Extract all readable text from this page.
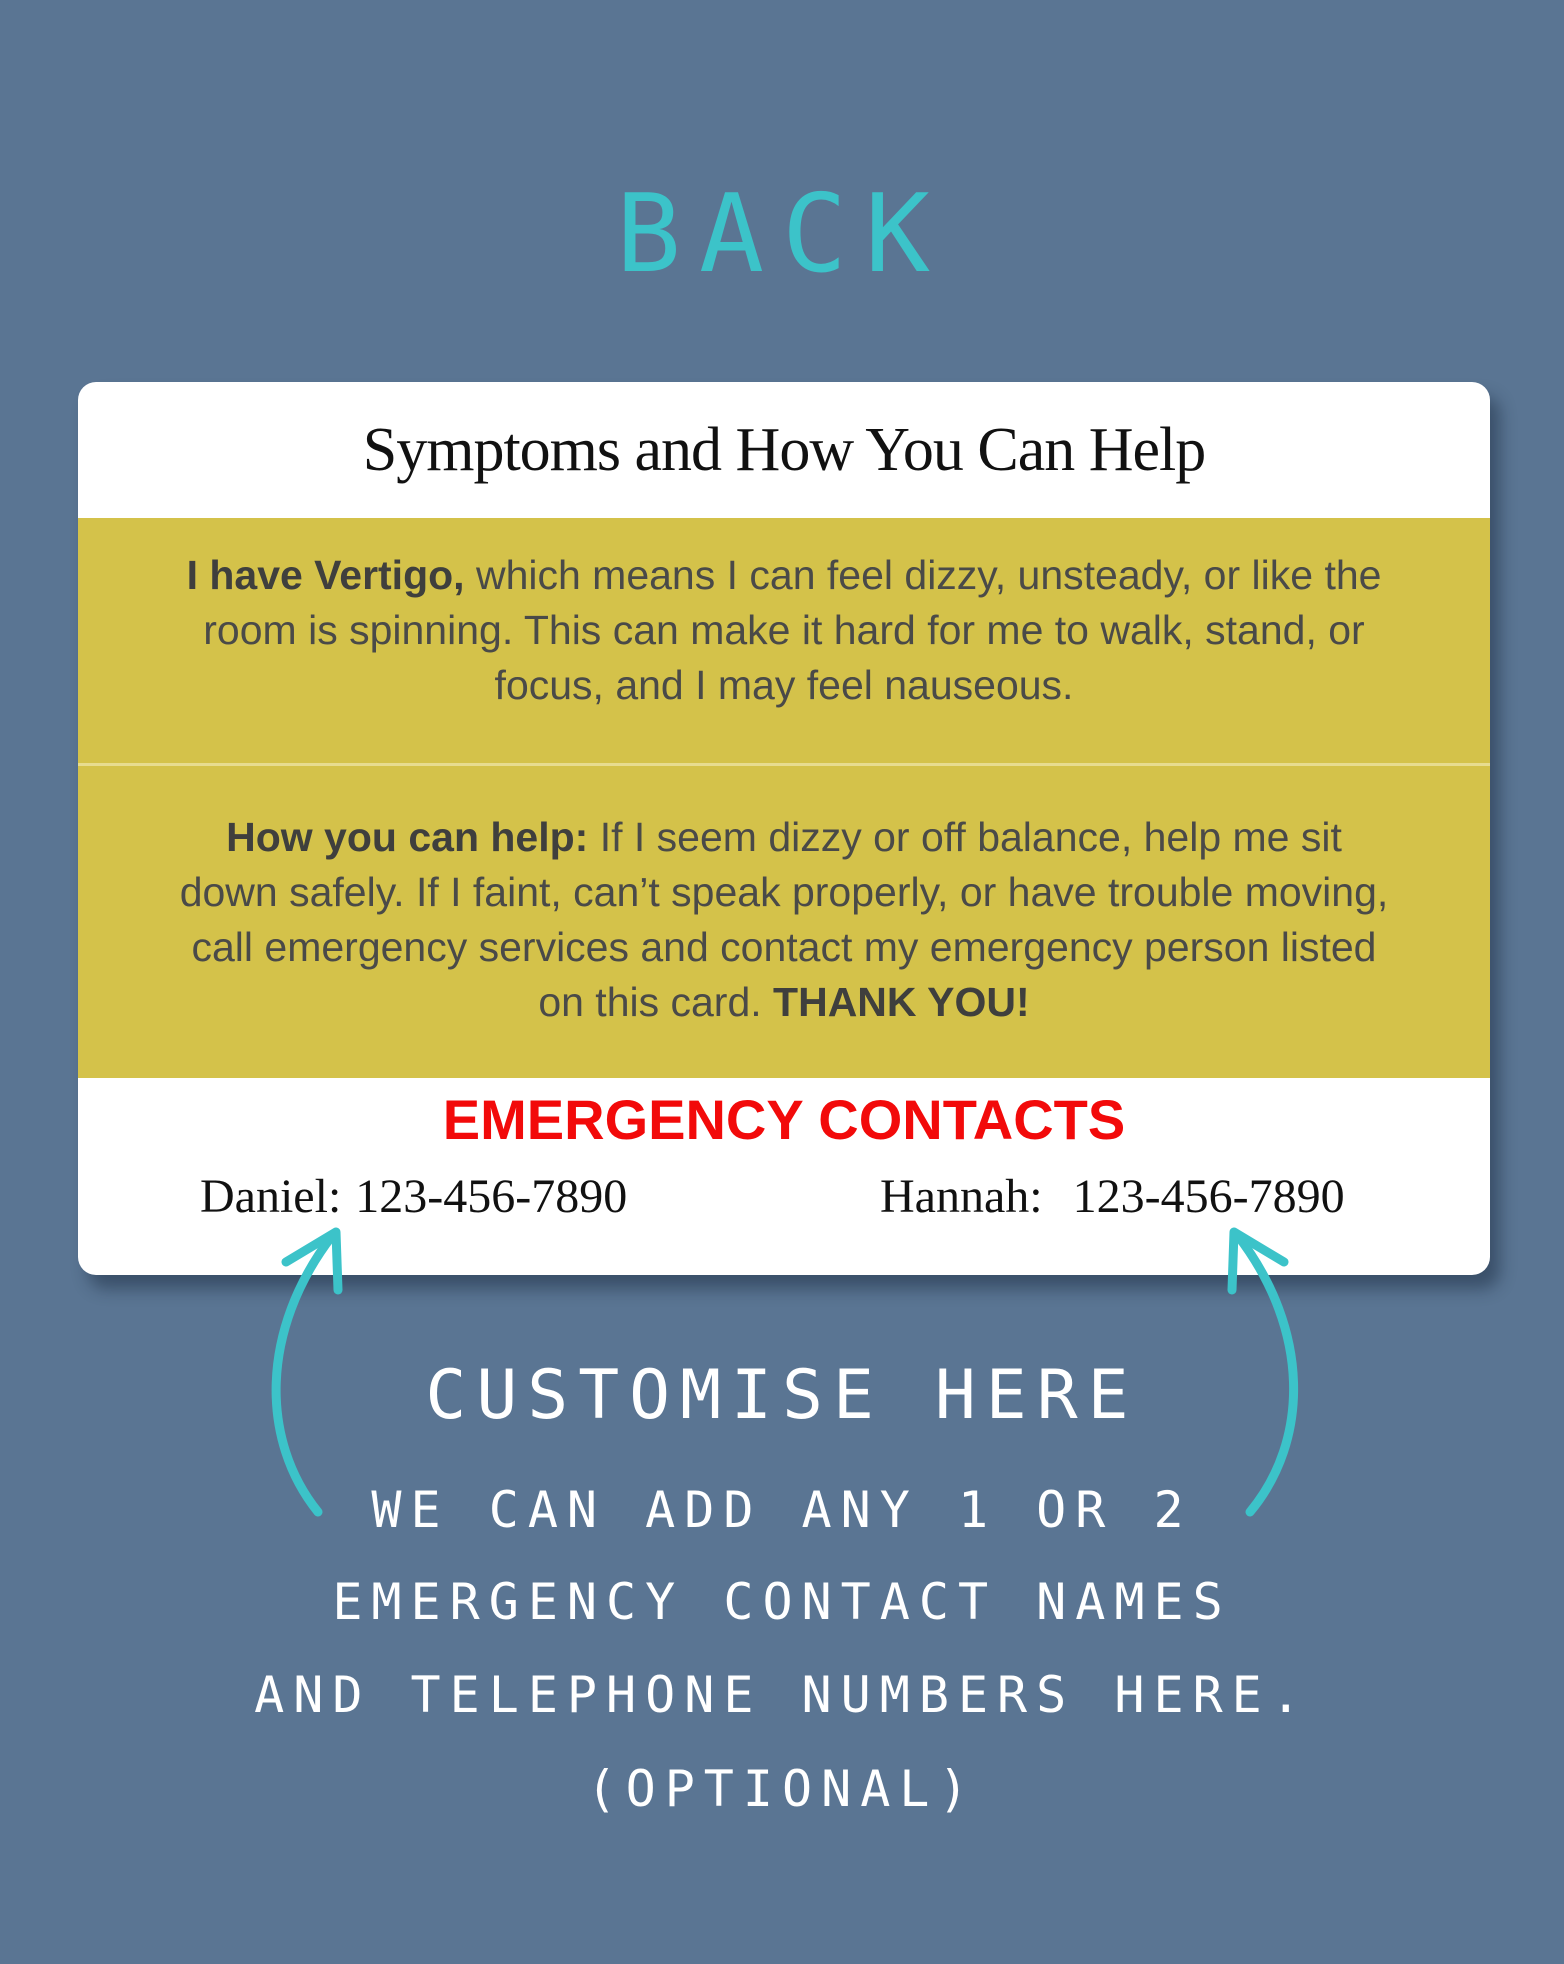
BACK
Symptoms and How You Can Help
I have Vertigo, which means I can feel dizzy, unsteady, or like the room is spinning. This can make it hard for me to walk, stand, or focus, and I may feel nauseous.
How you can help: If I seem dizzy or off balance, help me sit down safely. If I faint, can’t speak properly, or have trouble moving, call emergency services and contact my emergency person listed on this card. THANK YOU!
EMERGENCY CONTACTS
Daniel: 123-456-7890	Hannah: 123-456-7890
CUSTOMISE HERE
WE CAN ADD ANY 1 OR 2
EMERGENCY CONTACT NAMES
AND TELEPHONE NUMBERS HERE.
(OPTIONAL)
